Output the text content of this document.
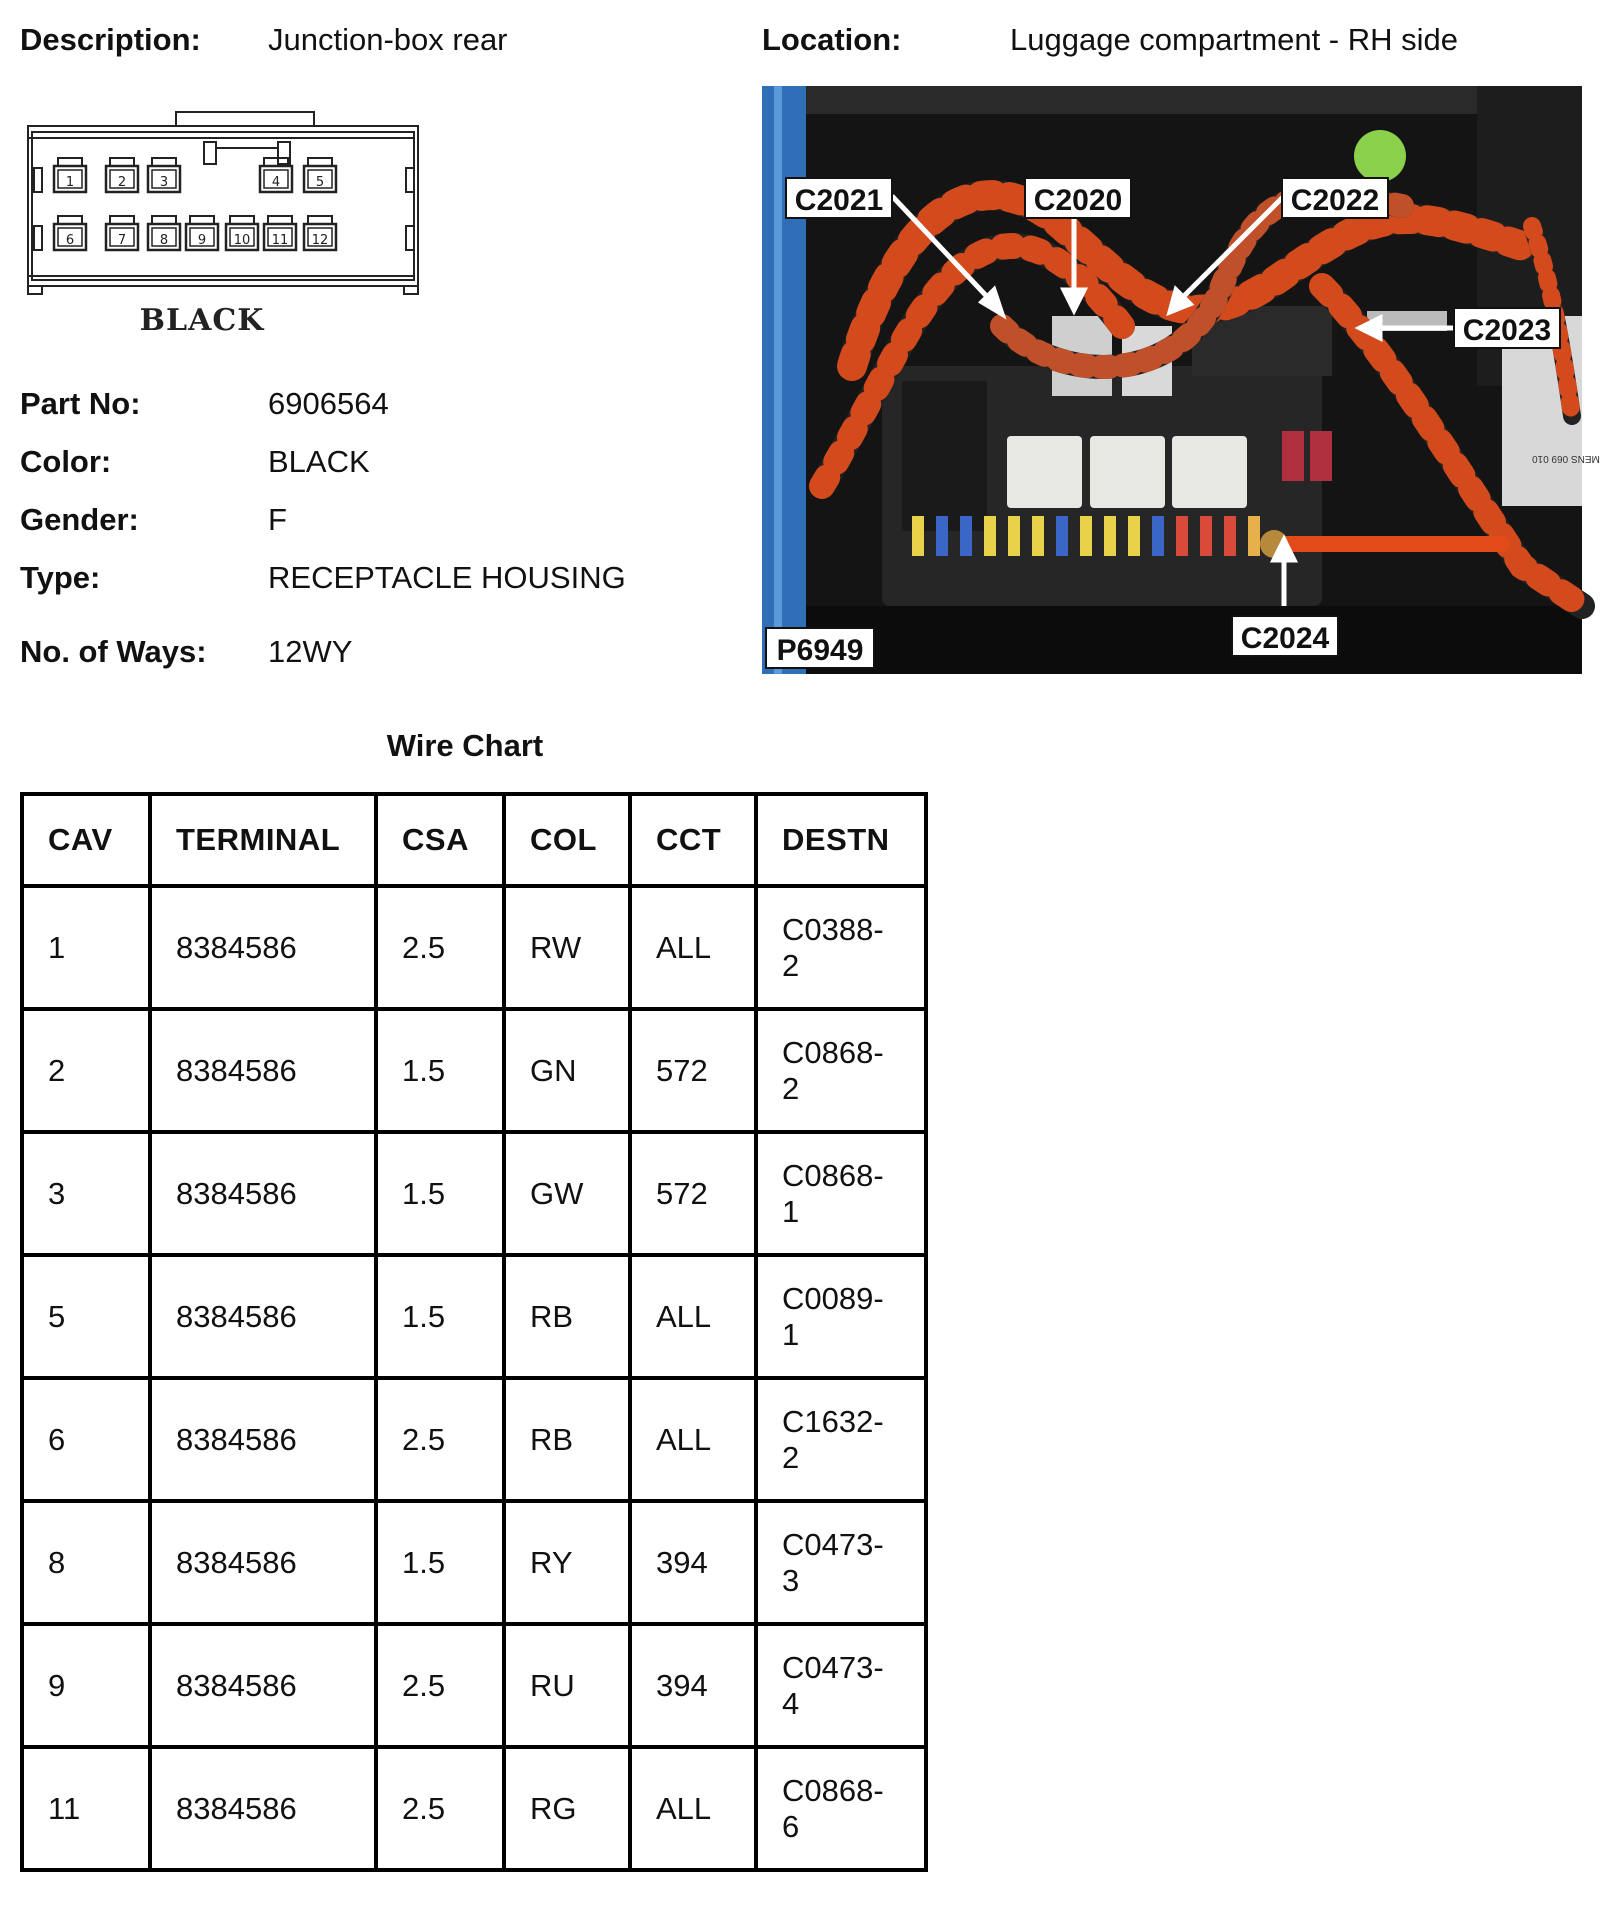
Description: Junction-box rear	Location:	Luggage compartment - RH side
1	2	3	4	5
6	7	8 9 10 11 12
BLACK
Part No:	6906564
Color:	BLACK
Gender:	F
Type:	RECEPTACLE HOUSING
No. of Ways: 12WY
MENS 069 010
C2021	C2020	C2022
C2023
C2024
P6949
Wire Chart
CAV	TERMINAL	CSA	COL	CCT	DESTN
1	8384586	2.5	RW	ALL	C0388-
2

2	8384586	1.5	GN	572	C0868-
2

3	8384586	1.5	GW	572	C0868-
1

5	8384586	1.5	RB	ALL	C0089-
1

6	8384586	2.5	RB	ALL	C1632-
2

8	8384586	1.5	RY	394	C0473-
3

9	8384586	2.5	RU	394	C0473-
4

11	8384586	2.5	RG	ALL	C0868-
6
